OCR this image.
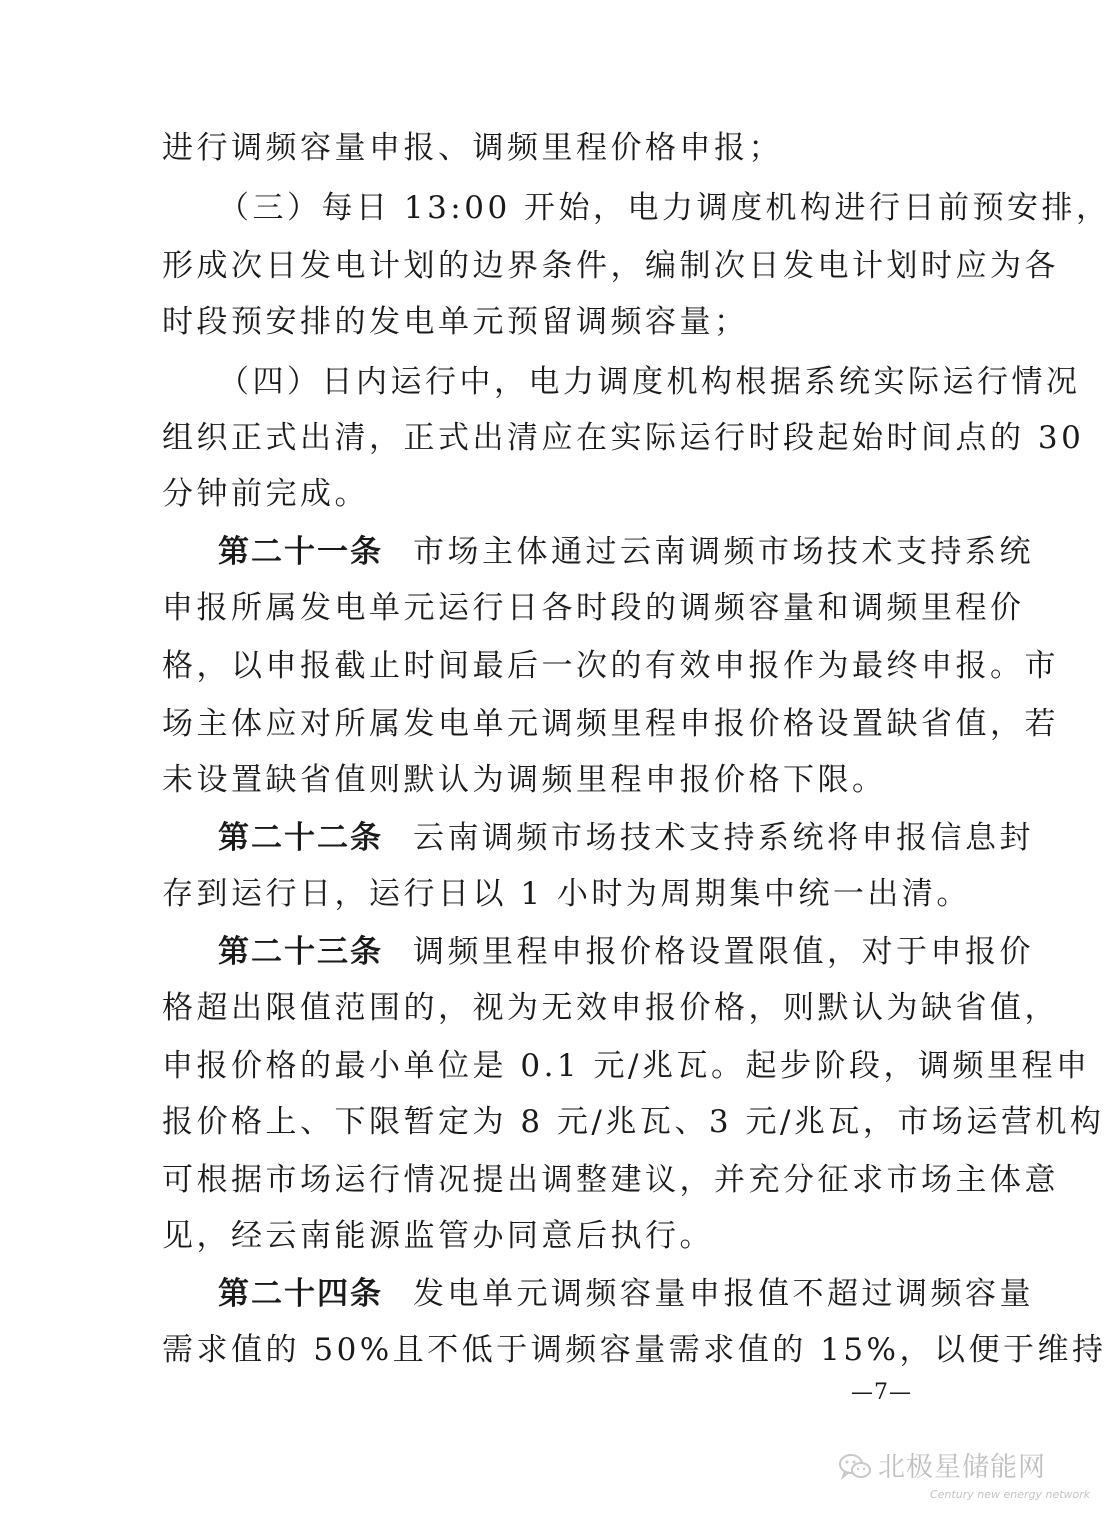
进行调频容量申报、调频里程价格申报；
（三）每日 13:00 开始，电力调度机构进行日前预安排，
形成次日发电计划的边界条件，编制次日发电计划时应为各
时段预安排的发电单元预留调频容量；
（四）日内运行中，电力调度机构根据系统实际运行情况
组织正式出清，正式出清应在实际运行时段起始时间点的 30
分钟前完成。
第二十一条 市场主体通过云南调频市场技术支持系统
申报所属发电单元运行日各时段的调频容量和调频里程价
格，以申报截止时间最后一次的有效申报作为最终申报。市
场主体应对所属发电单元调频里程申报价格设置缺省值，若
未设置缺省值则默认为调频里程申报价格下限。
第二十二条 云南调频市场技术支持系统将申报信息封
存到运行日，运行日以 1 小时为周期集中统一出清。
第二十三条 调频里程申报价格设置限值，对于申报价
格超出限值范围的，视为无效申报价格，则默认为缺省值，
申报价格的最小单位是 0.1 元/兆瓦。起步阶段，调频里程申
报价格上、下限暂定为 8 元/兆瓦、3 元/兆瓦，市场运营机构
可根据市场运行情况提出调整建议，并充分征求市场主体意
见，经云南能源监管办同意后执行。
第二十四条 发电单元调频容量申报值不超过调频容量
需求值的 50%且不低于调频容量需求值的 15%，以便于维持
—7—
北极星储能网
Century new energy network
